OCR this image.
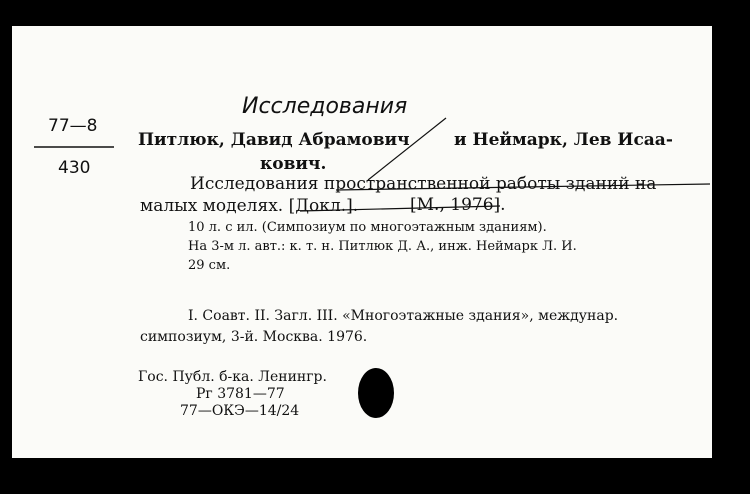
Исследования
77—8
430
Питлюк, Давид Абрамович	и Неймарк, Лев Исаа-
кович.
Исследования пространственной работы зданий на
малых моделях. [Докл.].	[М., 1976].
10 л. с ил. (Симпозиум по многоэтажным зданиям).
На 3-м л. авт.: к. т. н. Питлюк Д. А., инж. Неймарк Л. И.
29 см.
I. Соавт. II. Загл. III. «Многоэтажные здания», междунар.
симпозиум, 3-й. Москва. 1976.
Гос. Публ. б-ка. Ленингр.
Рг 3781—77
77—ОКЭ—14/24
